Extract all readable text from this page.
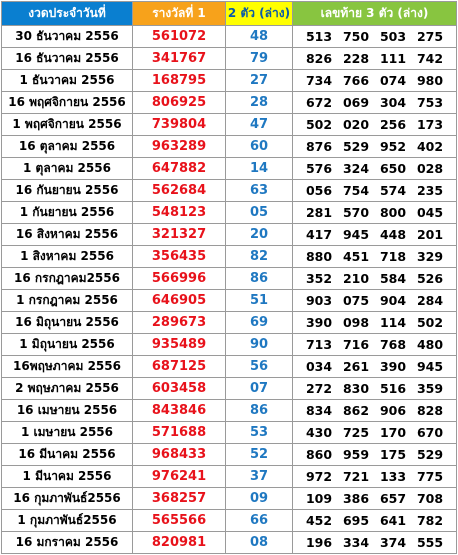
งวดประจำวันที่	รางวัลที่ 1	2 ตัว (ล่าง)	เลขท้าย 3 ตัว (ล่าง)
30 ธันวาคม 2556	561072	48	513 750 503 275
16 ธันวาคม 2556	341767	79	826 228 111 742
1 ธันวาคม 2556	168795	27	734 766 074 980
16 พฤศจิกายน 2556	806925	28	672 069 304 753
1 พฤศจิกายน 2556	739804	47	502 020 256 173
16 ตุลาคม 2556	963289	60	876 529 952 402
1 ตุลาคม 2556	647882	14	576 324 650 028
16 กันยายน 2556	562684	63	056 754 574 235
1 กันยายน 2556	548123	05	281 570 800 045
16 สิงหาคม 2556	321327	20	417 945 448 201
1 สิงหาคม 2556	356435	82	880 451 718 329
16 กรกฎาคม2556	566996	86	352 210 584 526
1 กรกฎาคม 2556	646905	51	903 075 904 284
16 มิถุนายน 2556	289673	69	390 098 114 502
1 มิถุนายน 2556	935489	90	713 716 768 480
16พฤษภาคม 2556	687125	56	034 261 390 945
2 พฤษภาคม 2556	603458	07	272 830 516 359
16 เมษายน 2556	843846	86	834 862 906 828
1 เมษายน 2556	571688	53	430 725 170 670
16 มีนาคม 2556	968433	52	860 959 175 529
1 มีนาคม 2556	976241	37	972 721 133 775
16 กุมภาพันธ์2556	368257	09	109 386 657 708
1 กุมภาพันธ์2556	565566	66	452 695 641 782
16 มกราคม 2556	820981	08	196 334 374 555
